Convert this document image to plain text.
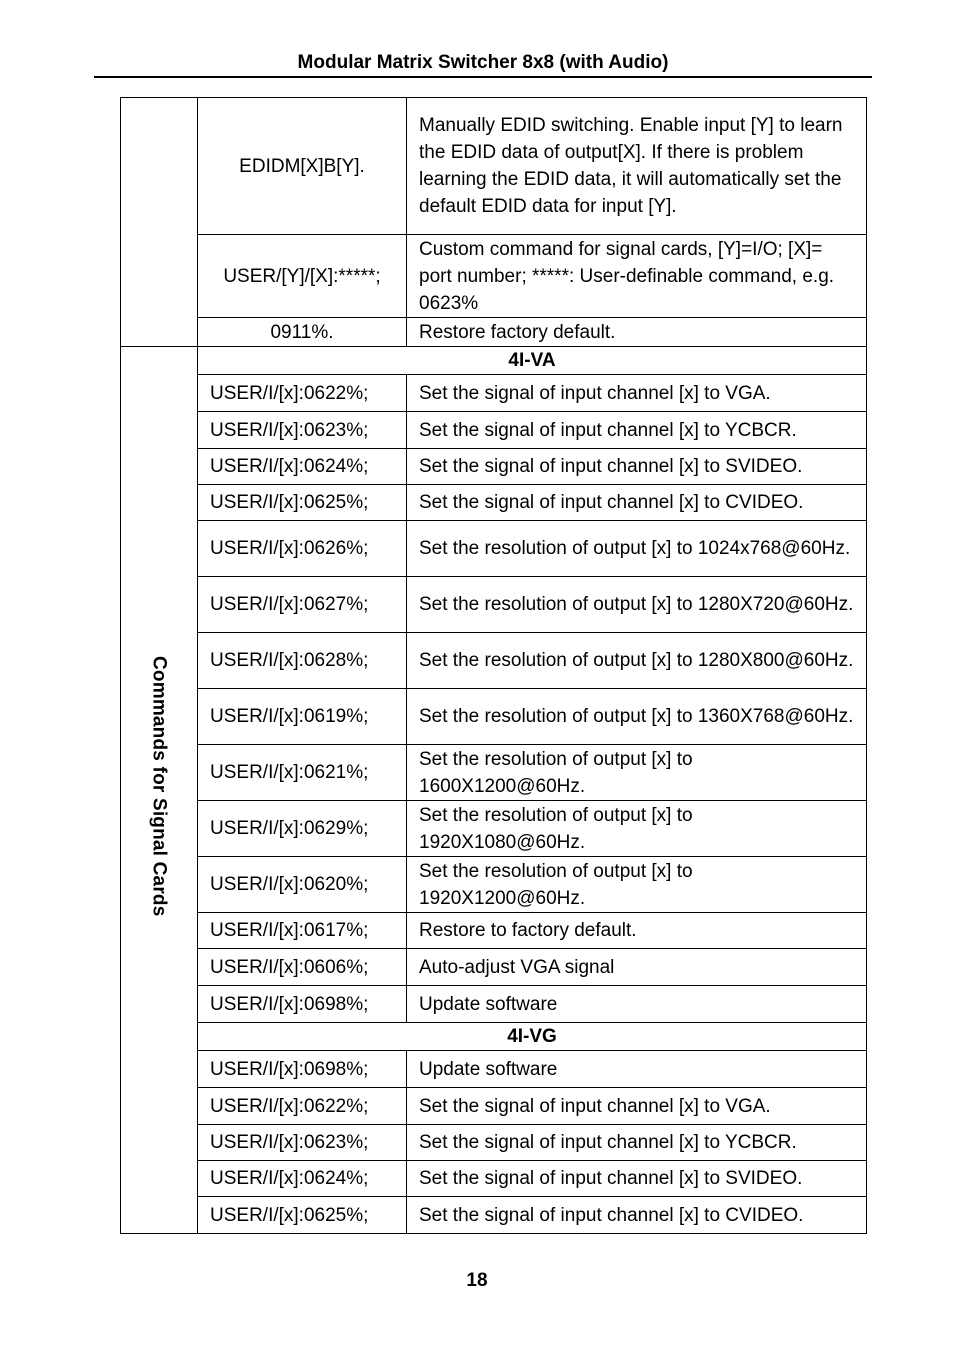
Modular Matrix Switcher 8x8 (with Audio)
	EDIDM[X]B[Y].	Manually EDID switching. Enable input [Y] to learn the EDID data of output[X]. If there is problem learning the EDID data, it will automatically set the default EDID data for input [Y].
	USER/[Y]/[X]:*****;	Custom command for signal cards, [Y]=I/O; [X]= port number; *****: User-definable command, e.g. 0623%
	0911%.	Restore factory default.
Commands for Signal Cards	4I-VA	
	USER/I/[x]:0622%;	Set the signal of input channel [x] to VGA.
	USER/I/[x]:0623%;	Set the signal of input channel [x] to YCBCR.
	USER/I/[x]:0624%;	Set the signal of input channel [x] to SVIDEO.
	USER/I/[x]:0625%;	Set the signal of input channel [x] to CVIDEO.
	USER/I/[x]:0626%;	Set the resolution of output [x] to 1024x768@60Hz.
	USER/I/[x]:0627%;	Set the resolution of output [x] to 1280X720@60Hz.
	USER/I/[x]:0628%;	Set the resolution of output [x] to 1280X800@60Hz.
	USER/I/[x]:0619%;	Set the resolution of output [x] to 1360X768@60Hz.
	USER/I/[x]:0621%;	Set the resolution of output [x] to 1600X1200@60Hz.
	USER/I/[x]:0629%;	Set the resolution of output [x] to 1920X1080@60Hz.
	USER/I/[x]:0620%;	Set the resolution of output [x] to 1920X1200@60Hz.
	USER/I/[x]:0617%;	Restore to factory default.
	USER/I/[x]:0606%;	Auto-adjust VGA signal
	USER/I/[x]:0698%;	Update software
	4I-VG	
	USER/I/[x]:0698%;	Update software
	USER/I/[x]:0622%;	Set the signal of input channel [x] to VGA.
	USER/I/[x]:0623%;	Set the signal of input channel [x] to YCBCR.
	USER/I/[x]:0624%;	Set the signal of input channel [x] to SVIDEO.
	USER/I/[x]:0625%;	Set the signal of input channel [x] to CVIDEO.
18
